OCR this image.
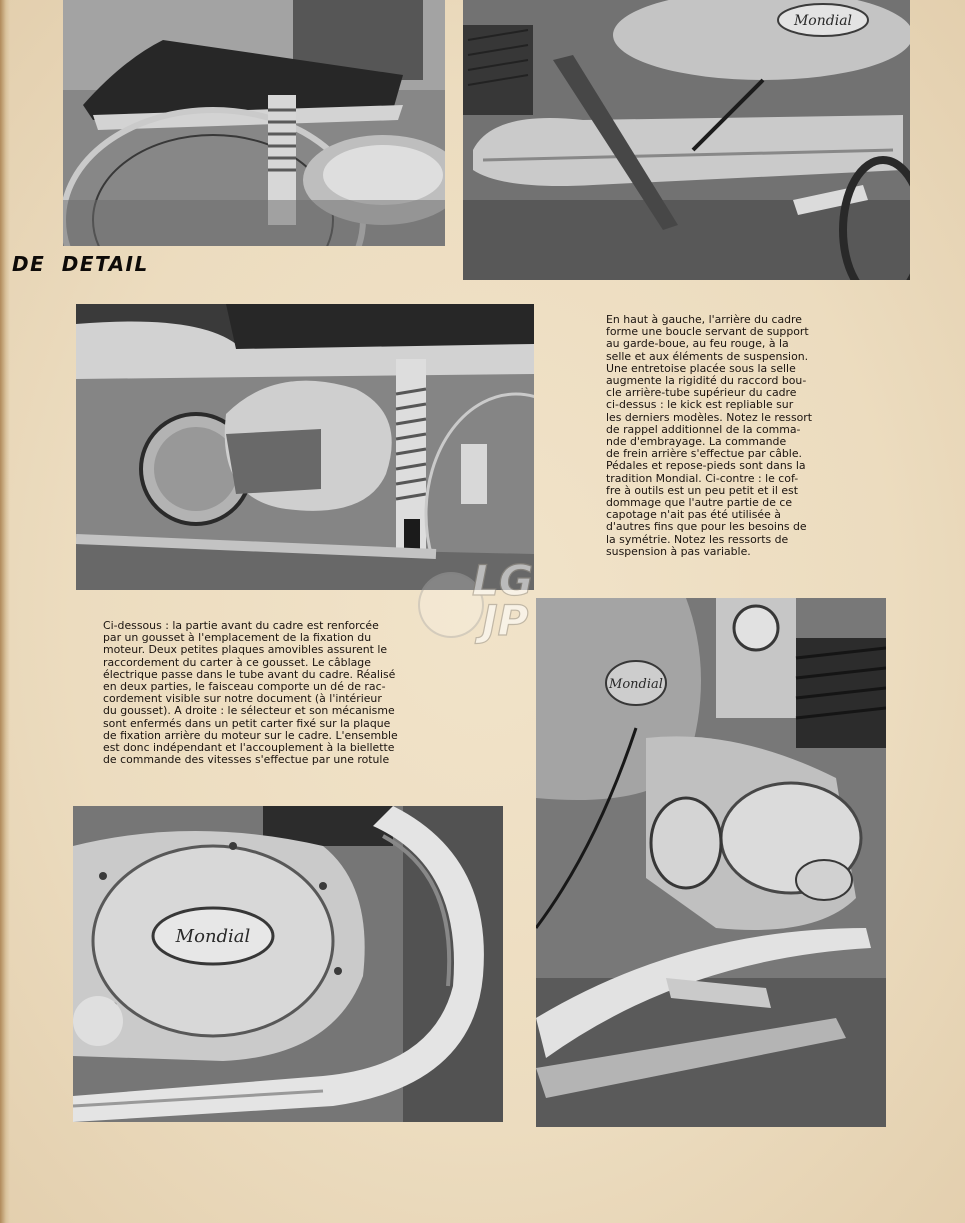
Mondial
DE DETAIL

En haut à gauche, l'arrière du cadre
forme une boucle servant de support
au garde-boue, au feu rouge, à la
selle et aux éléments de suspension.
Une entretoise placée sous la selle
augmente la rigidité du raccord bou-
cle arrière-tube supérieur du cadre
ci-dessus : le kick est repliable sur
les derniers modèles. Notez le ressort
de rappel additionnel de la comma-
nde d'embrayage. La commande
de frein arrière s'effectue par câble.
Pédales et repose-pieds sont dans la
tradition Mondial. Ci-contre : le cof-
fre à outils est un peu petit et il est
dommage que l'autre partie de ce
capotage n'ait pas été utilisée à
d'autres fins que pour les besoins de
la symétrie. Notez les ressorts de
suspension à pas variable.

Mondial

Ci-dessous : la partie avant du cadre est renforcée
par un gousset à l'emplacement de la fixation du
moteur. Deux petites plaques amovibles assurent le
raccordement du carter à ce gousset. Le câblage
électrique passe dans le tube avant du cadre. Réalisé
en deux parties, le faisceau comporte un dé de rac-
cordement visible sur notre document (à l'intérieur
du gousset). A droite : le sélecteur et son mécanisme
sont enfermés dans un petit carter fixé sur la plaque
de fixation arrière du moteur sur le cadre. L'ensemble
est donc indépendant et l'accouplement à la biellette
de commande des vitesses s'effectue par une rotule

Mondial
LG
JP
